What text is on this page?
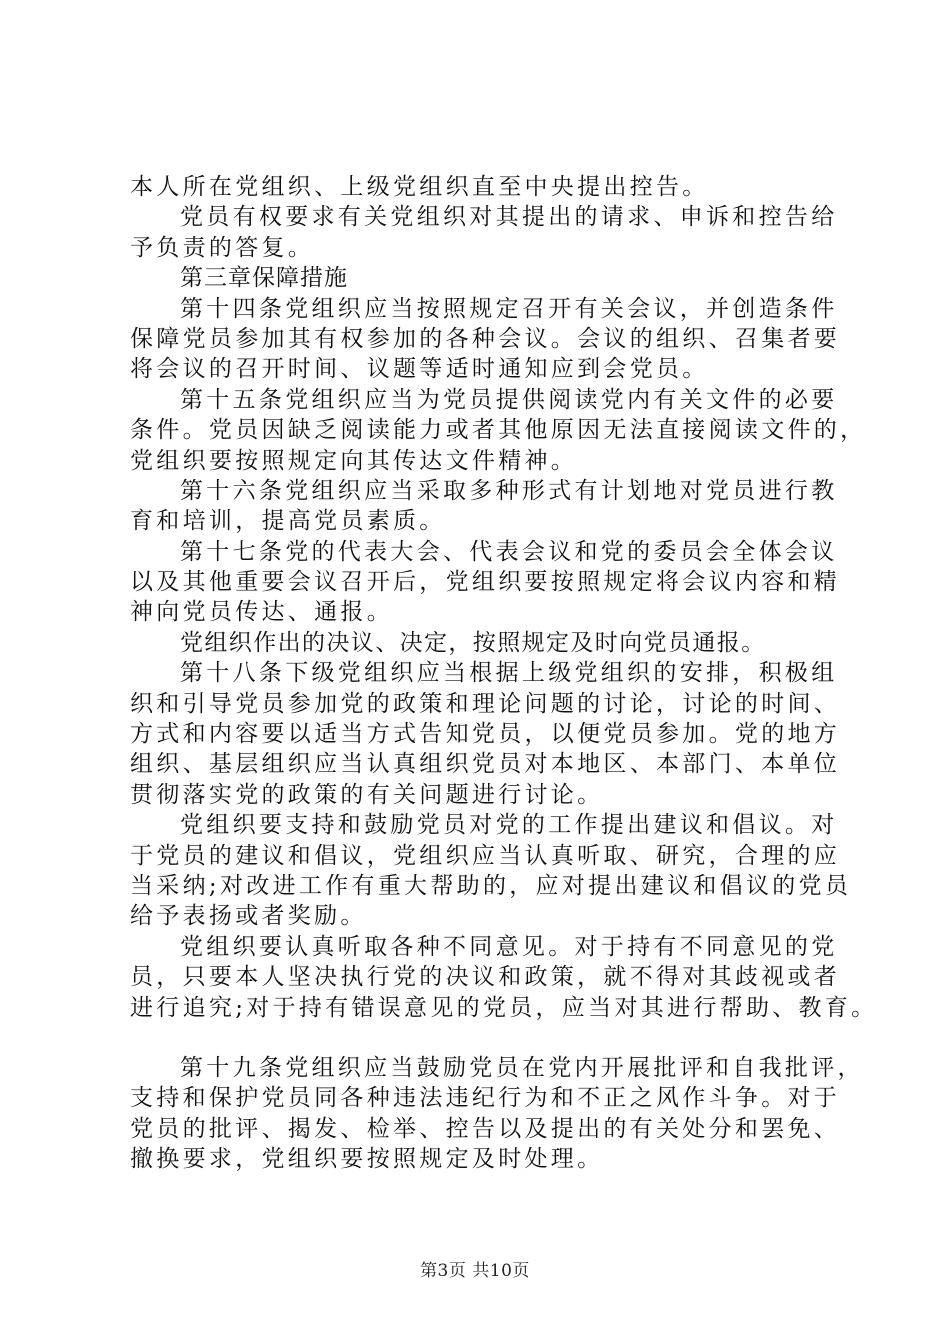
本人所在党组织、上级党组织直至中央提出控告。
党员有权要求有关党组织对其提出的请求、申诉和控告给
予负责的答复。
第三章保障措施
第十四条党组织应当按照规定召开有关会议，并创造条件
保障党员参加其有权参加的各种会议。会议的组织、召集者要
将会议的召开时间、议题等适时通知应到会党员。
第十五条党组织应当为党员提供阅读党内有关文件的必要
条件。党员因缺乏阅读能力或者其他原因无法直接阅读文件的，
党组织要按照规定向其传达文件精神。
第十六条党组织应当采取多种形式有计划地对党员进行教
育和培训，提高党员素质。
第十七条党的代表大会、代表会议和党的委员会全体会议
以及其他重要会议召开后，党组织要按照规定将会议内容和精
神向党员传达、通报。
党组织作出的决议、决定，按照规定及时向党员通报。
第十八条下级党组织应当根据上级党组织的安排，积极组
织和引导党员参加党的政策和理论问题的讨论，讨论的时间、
方式和内容要以适当方式告知党员，以便党员参加。党的地方
组织、基层组织应当认真组织党员对本地区、本部门、本单位
贯彻落实党的政策的有关问题进行讨论。
党组织要支持和鼓励党员对党的工作提出建议和倡议。对
于党员的建议和倡议，党组织应当认真听取、研究，合理的应
当采纳;对改进工作有重大帮助的，应对提出建议和倡议的党员
给予表扬或者奖励。
党组织要认真听取各种不同意见。对于持有不同意见的党
员，只要本人坚决执行党的决议和政策，就不得对其歧视或者
进行追究;对于持有错误意见的党员，应当对其进行帮助、教育。
第十九条党组织应当鼓励党员在党内开展批评和自我批评，
支持和保护党员同各种违法违纪行为和不正之风作斗争。对于
党员的批评、揭发、检举、控告以及提出的有关处分和罢免、
撤换要求，党组织要按照规定及时处理。
第3页 共10页
